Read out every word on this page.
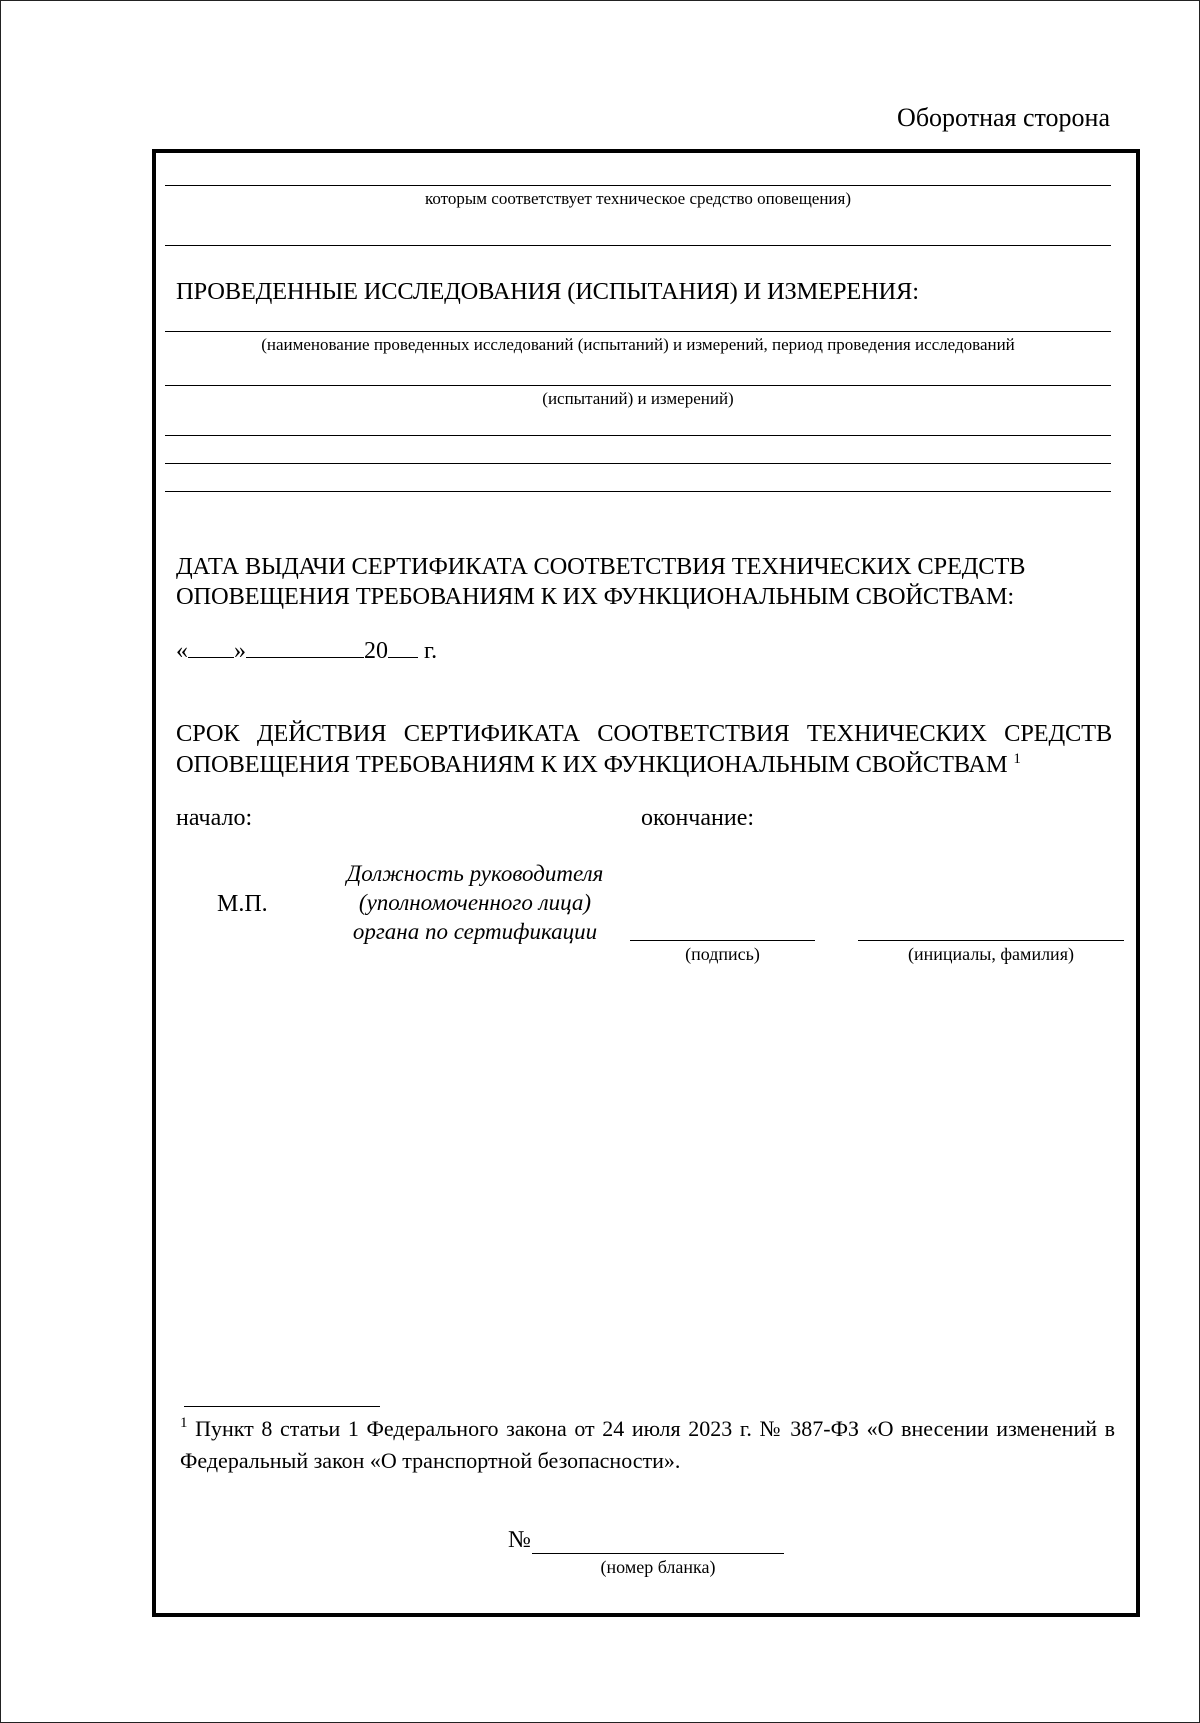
Оборотная сторона
которым соответствует техническое средство оповещения)
ПРОВЕДЕННЫЕ ИССЛЕДОВАНИЯ (ИСПЫТАНИЯ) И ИЗМЕРЕНИЯ:
(наименование проведенных исследований (испытаний) и измерений, период проведения исследований
(испытаний) и измерений)
ДАТА ВЫДАЧИ СЕРТИФИКАТА СООТВЕТСТВИЯ ТЕХНИЧЕСКИХ СРЕДСТВ
ОПОВЕЩЕНИЯ ТРЕБОВАНИЯМ К ИХ ФУНКЦИОНАЛЬНЫМ СВОЙСТВАМ:
« »	20 г.
СРОК ДЕЙСТВИЯ СЕРТИФИКАТА СООТВЕТСТВИЯ ТЕХНИЧЕСКИХ СРЕДСТВ
ОПОВЕЩЕНИЯ ТРЕБОВАНИЯМ К ИХ ФУНКЦИОНАЛЬНЫМ СВОЙСТВАМ $^1$
начало:	окончание:
М.П.
Должность руководителя
(уполномоченного лица)
органа по сертификации
(подпись)	(инициалы, фамилия)
$^1$ Пункт 8 статьи 1 Федерального закона от 24 июля 2023 г. № 387-ФЗ «О внесении изменений в Федеральный закон «О транспортной безопасности».
№
(номер бланка)
